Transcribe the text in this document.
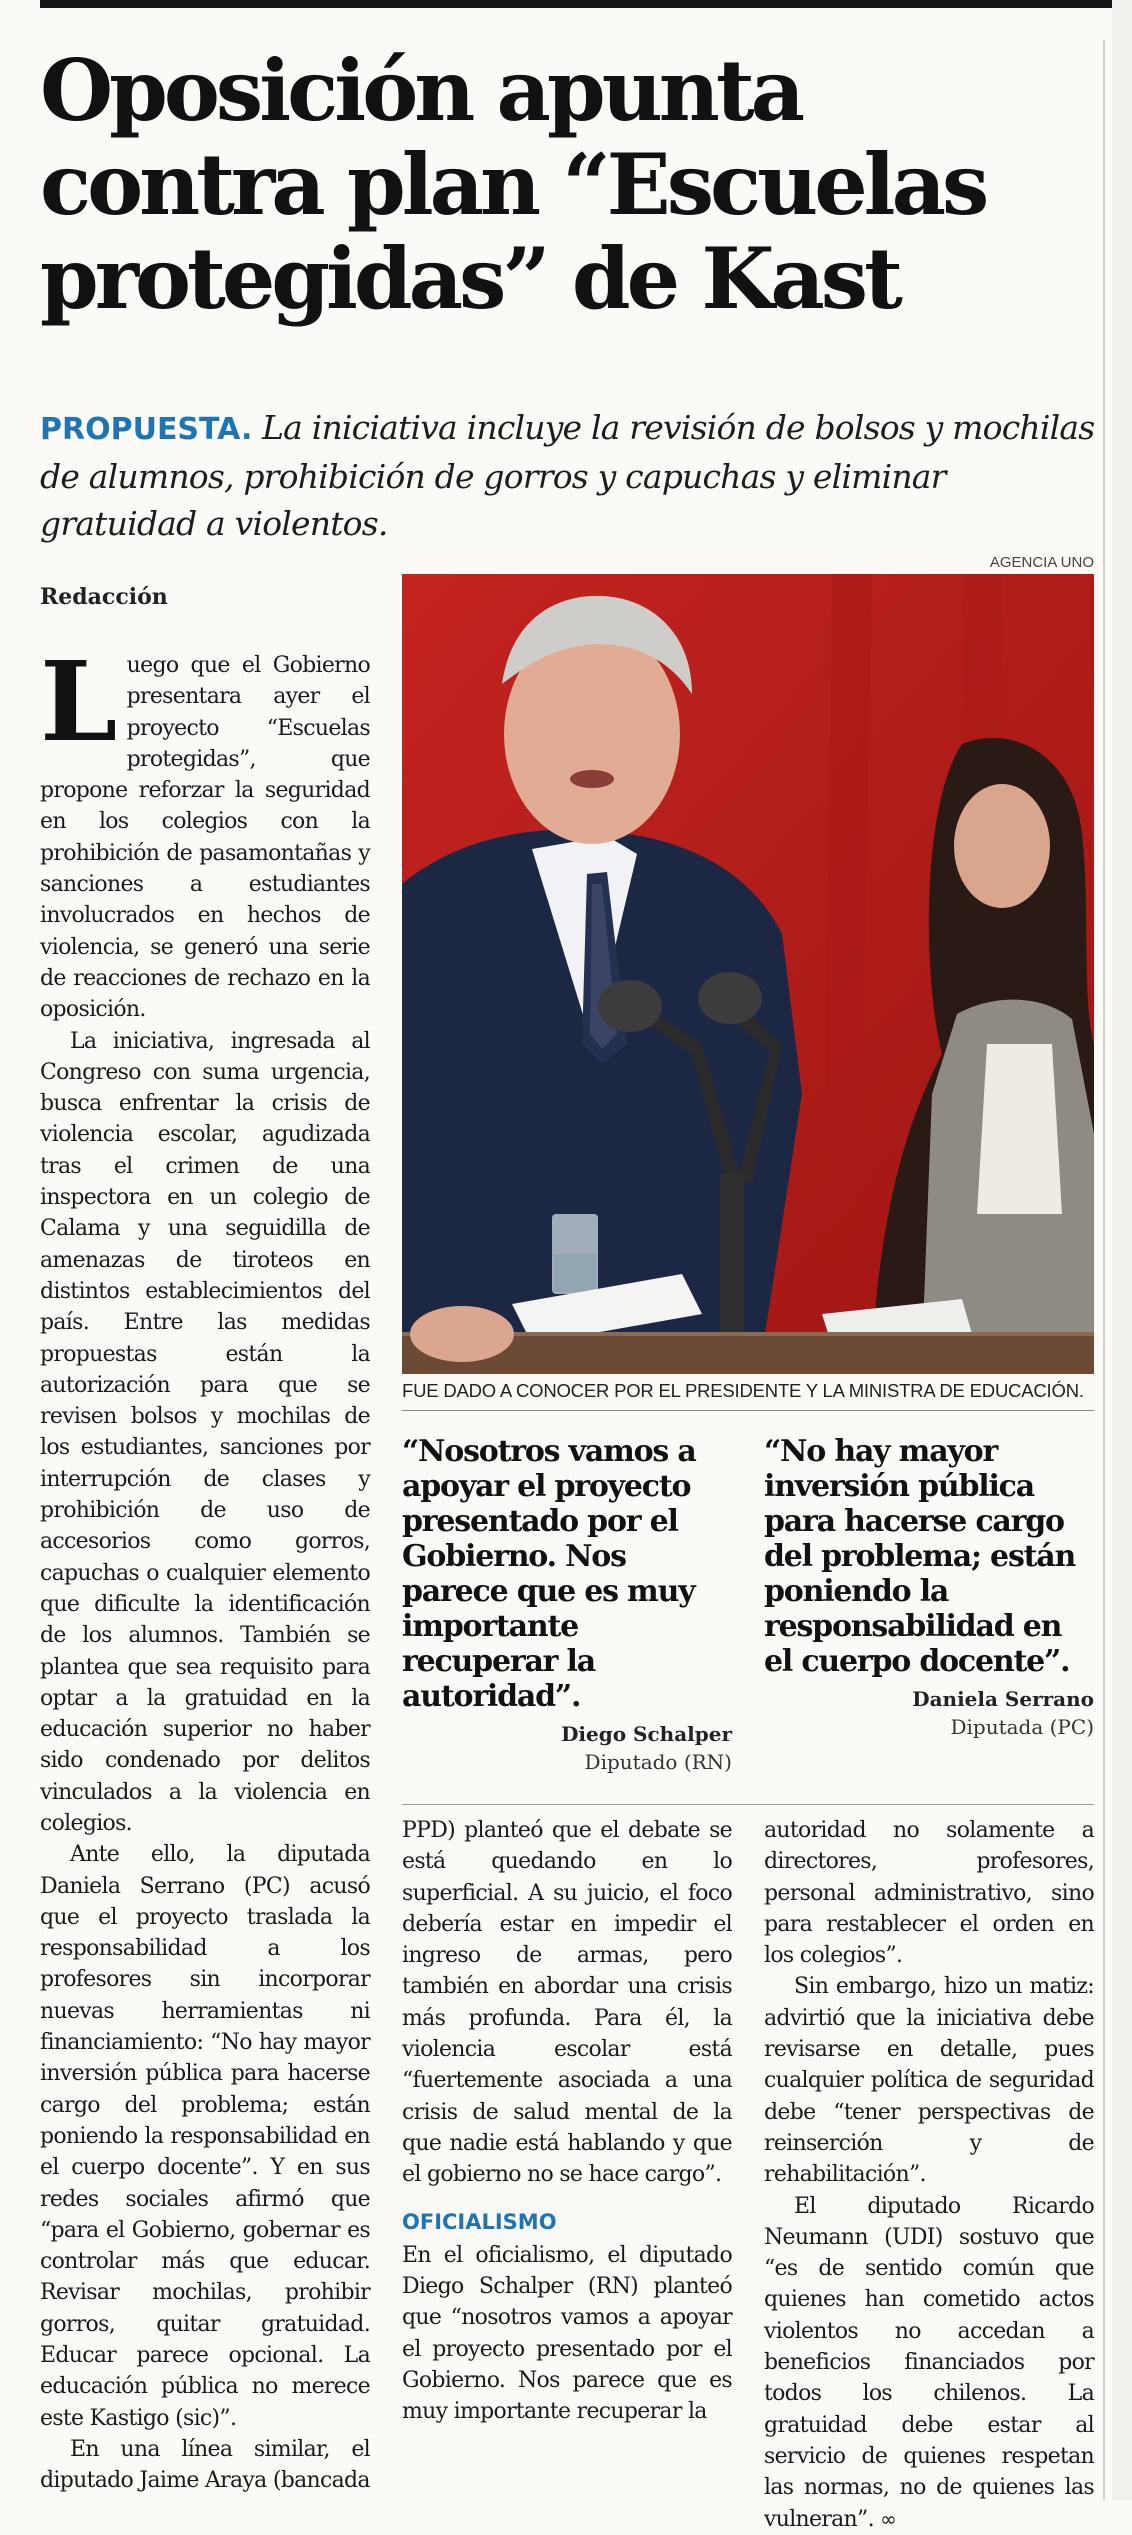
Oposición apunta contra plan “Escuelas protegidas” de Kast

PROPUESTA. La iniciativa incluye la revisión de bolsos y mochilas de alumnos, prohibición de gorros y capuchas y eliminar gratuidad a violentos.

AGENCIA UNO
FUE DADO A CONOCER POR EL PRESIDENTE Y LA MINISTRA DE EDUCACIÓN.

Redacción

Luego que el Gobierno presentara ayer el proyecto “Escuelas protegidas”, que propone reforzar la seguridad en los colegios con la prohibición de pasamontañas y sanciones a estudiantes involucrados en hechos de violencia, se generó una serie de reacciones de rechazo en la oposición.

La iniciativa, ingresada al Congreso con suma urgencia, busca enfrentar la crisis de violencia escolar, agudizada tras el crimen de una inspectora en un colegio de Calama y una seguidilla de amenazas de tiroteos en distintos establecimientos del país. Entre las medidas propuestas están la autorización para que se revisen bolsos y mochilas de los estudiantes, sanciones por interrupción de clases y prohibición de uso de accesorios como gorros, capuchas o cualquier elemento que dificulte la identificación de los alumnos. También se plantea que sea requisito para optar a la gratuidad en la educación superior no haber sido condenado por delitos vinculados a la violencia en colegios.

Ante ello, la diputada Daniela Serrano (PC) acusó que el proyecto traslada la responsabilidad a los profesores sin incorporar nuevas herramientas ni financiamiento: “No hay mayor inversión pública para hacerse cargo del problema; están poniendo la responsabilidad en el cuerpo docente”. Y en sus redes sociales afirmó que “para el Gobierno, gobernar es controlar más que educar. Revisar mochilas, prohibir gorros, quitar gratuidad. Educar parece opcional. La educación pública no merece este Kastigo (sic)”.

En una línea similar, el diputado Jaime Araya (bancada

“Nosotros vamos a apoyar el proyecto presentado por el Gobierno. Nos parece que es muy importante recuperar la autoridad”.

Diego Schalper
Diputado (RN)

“No hay mayor inversión pública para hacerse cargo del problema; están poniendo la responsabilidad en el cuerpo docente”.

Daniela Serrano
Diputada (PC)

PPD) planteó que el debate se está quedando en lo superficial. A su juicio, el foco debería estar en impedir el ingreso de armas, pero también en abordar una crisis más profunda. Para él, la violencia escolar está “fuertemente asociada a una crisis de salud mental de la que nadie está hablando y que el gobierno no se hace cargo”.

OFICIALISMO

En el oficialismo, el diputado Diego Schalper (RN) planteó que “nosotros vamos a apoyar el proyecto presentado por el Gobierno. Nos parece que es muy importante recuperar la

autoridad no solamente a directores, profesores, personal administrativo, sino para restablecer el orden en los colegios”.

Sin embargo, hizo un matiz: advirtió que la iniciativa debe revisarse en detalle, pues cualquier política de seguridad debe “tener perspectivas de reinserción y de rehabilitación”.

El diputado Ricardo Neumann (UDI) sostuvo que “es de sentido común que quienes han cometido actos violentos no accedan a beneficios financiados por todos los chilenos. La gratuidad debe estar al servicio de quienes respetan las normas, no de quienes las vulneran”. ∞
